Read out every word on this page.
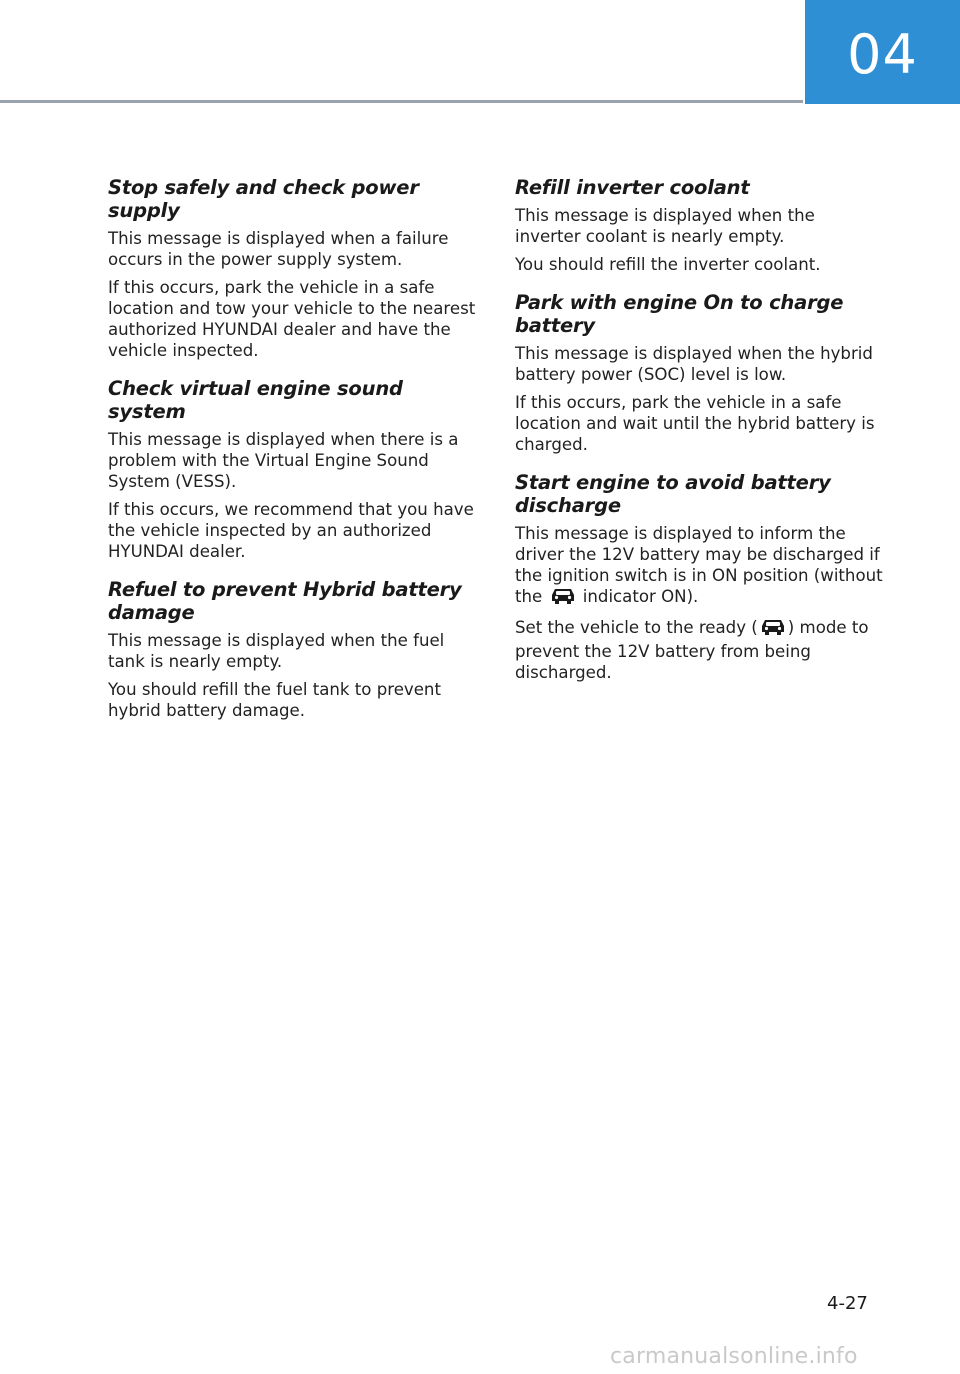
04
Stop safely and check power supply

This message is displayed when a failure occurs in the power supply system.

If this occurs, park the vehicle in a safe location and tow your vehicle to the nearest authorized HYUNDAI dealer and have the vehicle inspected.

Check virtual engine sound system

This message is displayed when there is a problem with the Virtual Engine Sound System (VESS).

If this occurs, we recommend that you have the vehicle inspected by an authorized HYUNDAI dealer.

Refuel to prevent Hybrid battery damage

This message is displayed when the fuel tank is nearly empty.

You should refill the fuel tank to prevent hybrid battery damage.

Refill inverter coolant

This message is displayed when the inverter coolant is nearly empty.

You should refill the inverter coolant.

Park with engine On to charge battery

This message is displayed when the hybrid battery power (SOC) level is low.

If this occurs, park the vehicle in a safe location and wait until the hybrid battery is charged.

Start engine to avoid battery discharge

This message is displayed to inform the driver the 12V battery may be discharged if the ignition switch is in ON position (without the  indicator ON).

Set the vehicle to the ready ( ) mode to prevent the 12V battery from being discharged.

4-27
carmanualsonline.info
